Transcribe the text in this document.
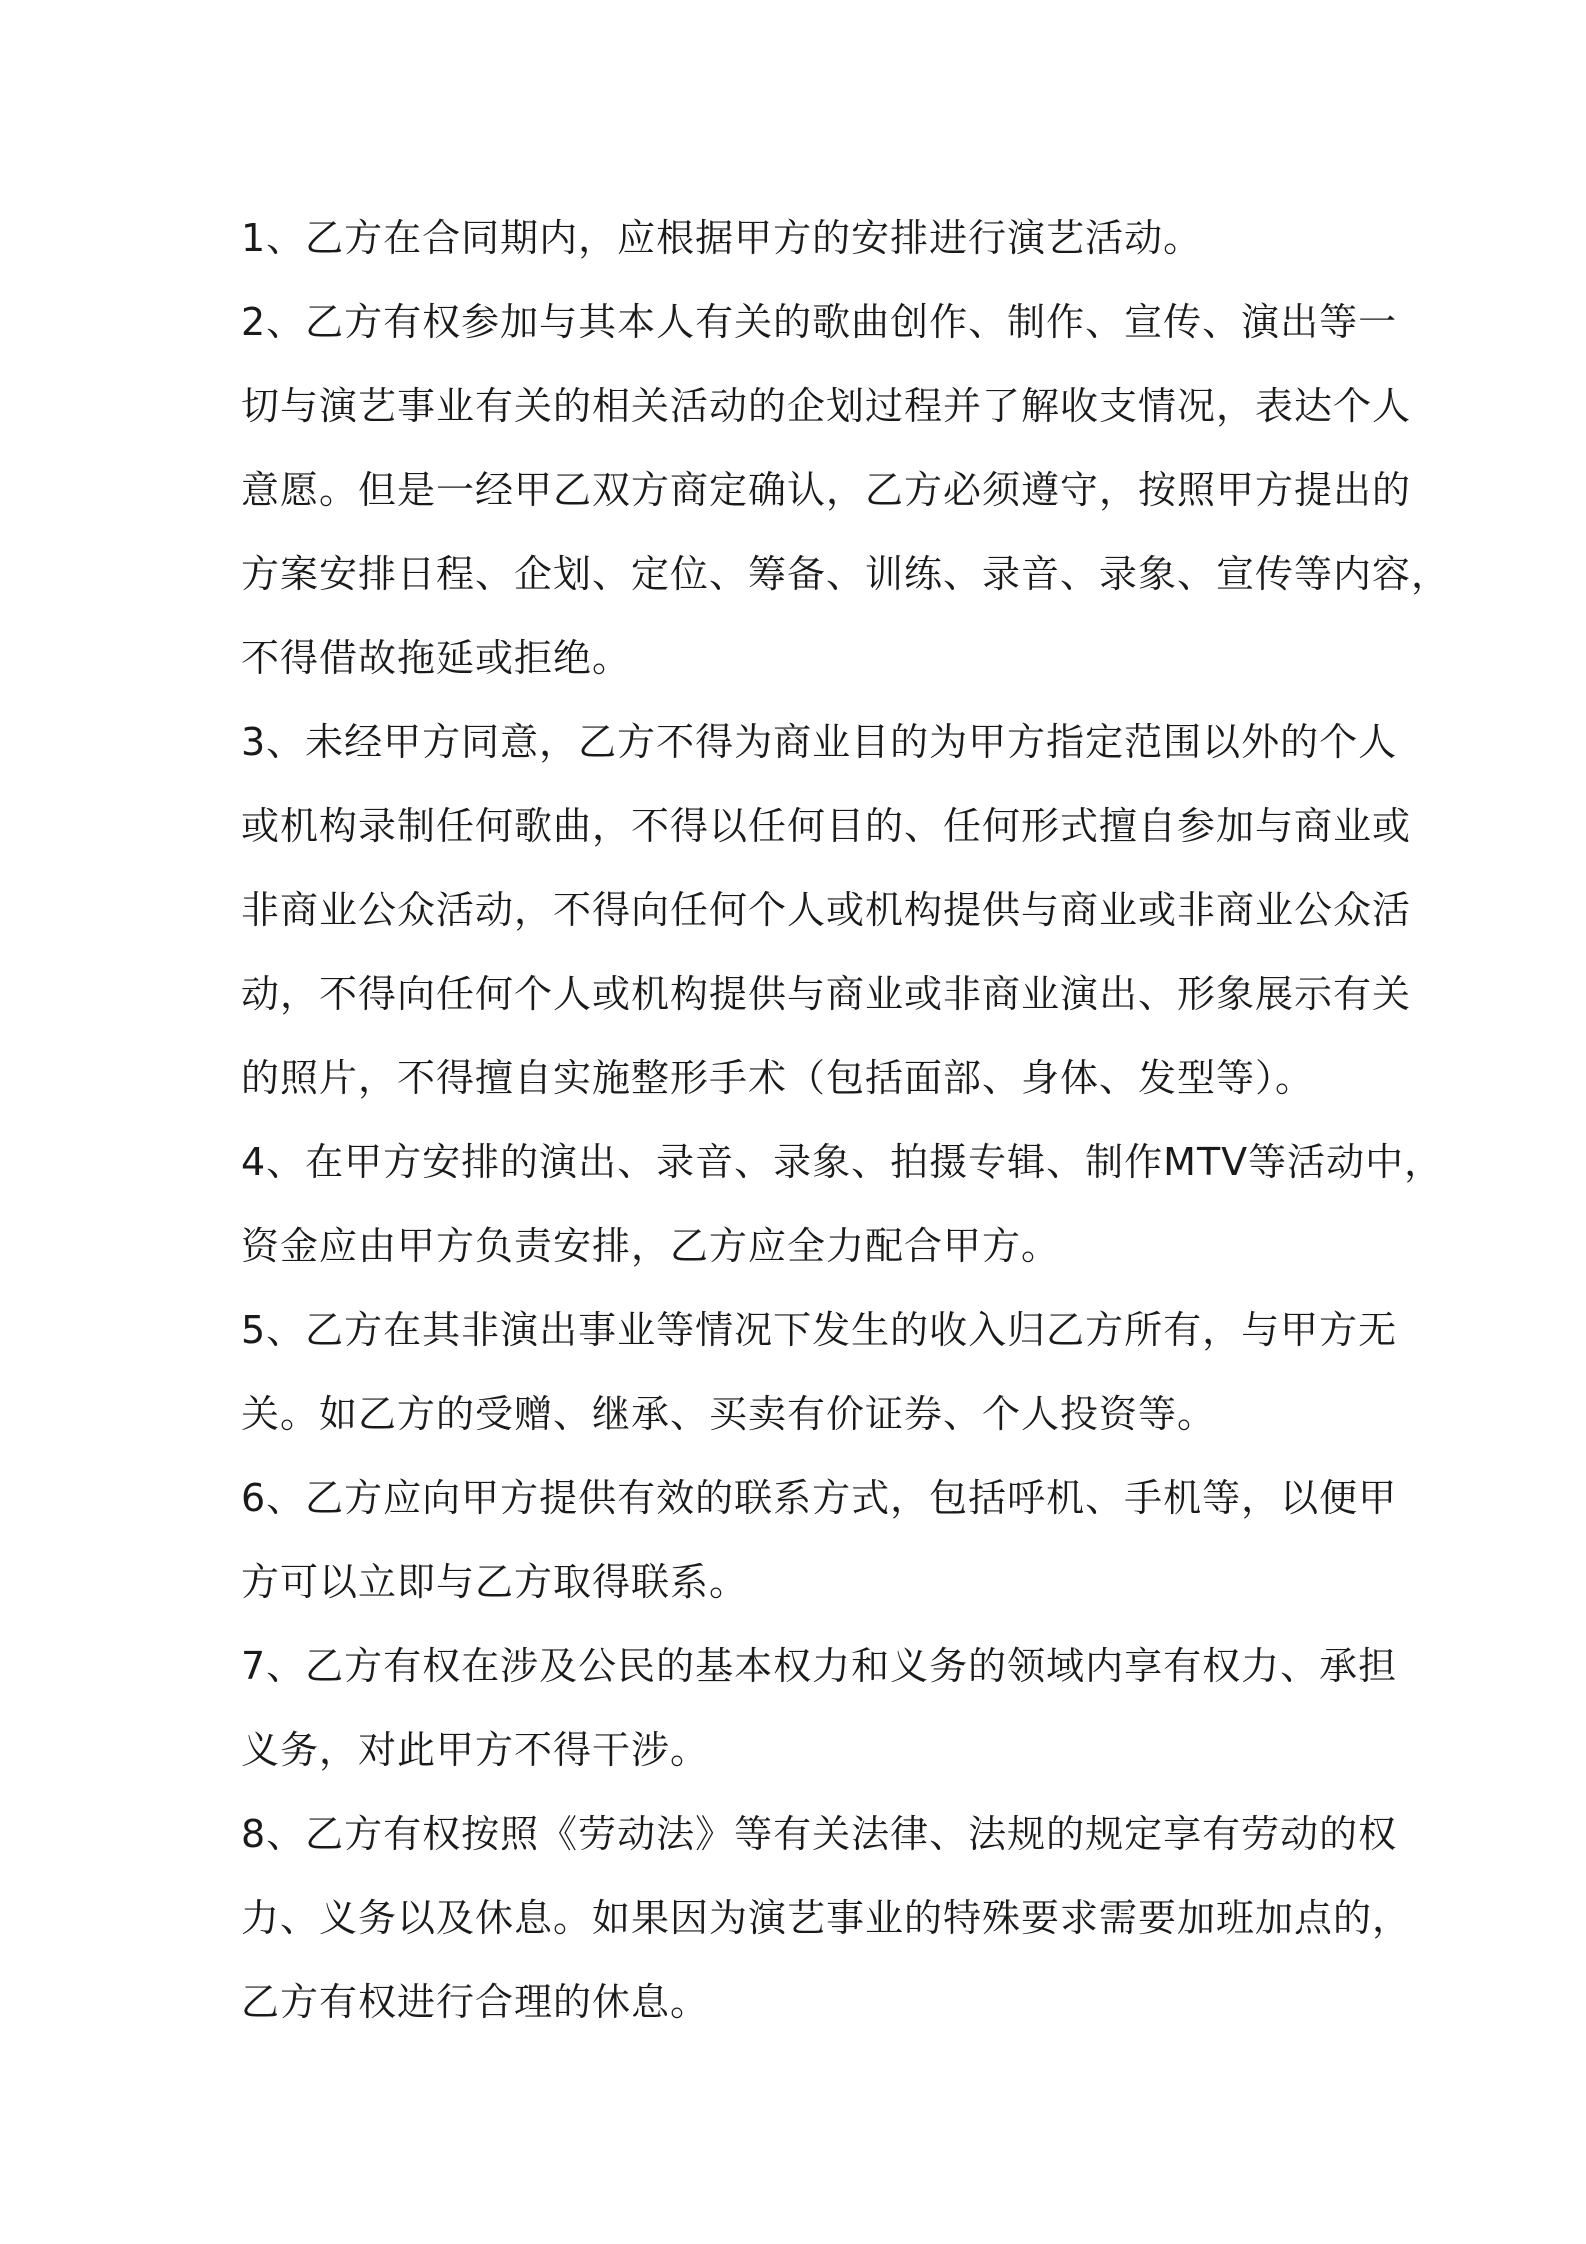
1、乙方在合同期内，应根据甲方的安排进行演艺活动。
2、乙方有权参加与其本人有关的歌曲创作、制作、宣传、演出等一
切与演艺事业有关的相关活动的企划过程并了解收支情况，表达个人
意愿。但是一经甲乙双方商定确认，乙方必须遵守，按照甲方提出的
方案安排日程、企划、定位、筹备、训练、录音、录象、宣传等内容，
不得借故拖延或拒绝。
3、未经甲方同意，乙方不得为商业目的为甲方指定范围以外的个人
或机构录制任何歌曲，不得以任何目的、任何形式擅自参加与商业或
非商业公众活动，不得向任何个人或机构提供与商业或非商业公众活
动，不得向任何个人或机构提供与商业或非商业演出、形象展示有关
的照片，不得擅自实施整形手术（包括面部、身体、发型等）。
4、在甲方安排的演出、录音、录象、拍摄专辑、制作MTV等活动中，
资金应由甲方负责安排，乙方应全力配合甲方。
5、乙方在其非演出事业等情况下发生的收入归乙方所有，与甲方无
关。如乙方的受赠、继承、买卖有价证券、个人投资等。
6、乙方应向甲方提供有效的联系方式，包括呼机、手机等，以便甲
方可以立即与乙方取得联系。
7、乙方有权在涉及公民的基本权力和义务的领域内享有权力、承担
义务，对此甲方不得干涉。
8、乙方有权按照《劳动法》等有关法律、法规的规定享有劳动的权
力、义务以及休息。如果因为演艺事业的特殊要求需要加班加点的，
乙方有权进行合理的休息。
